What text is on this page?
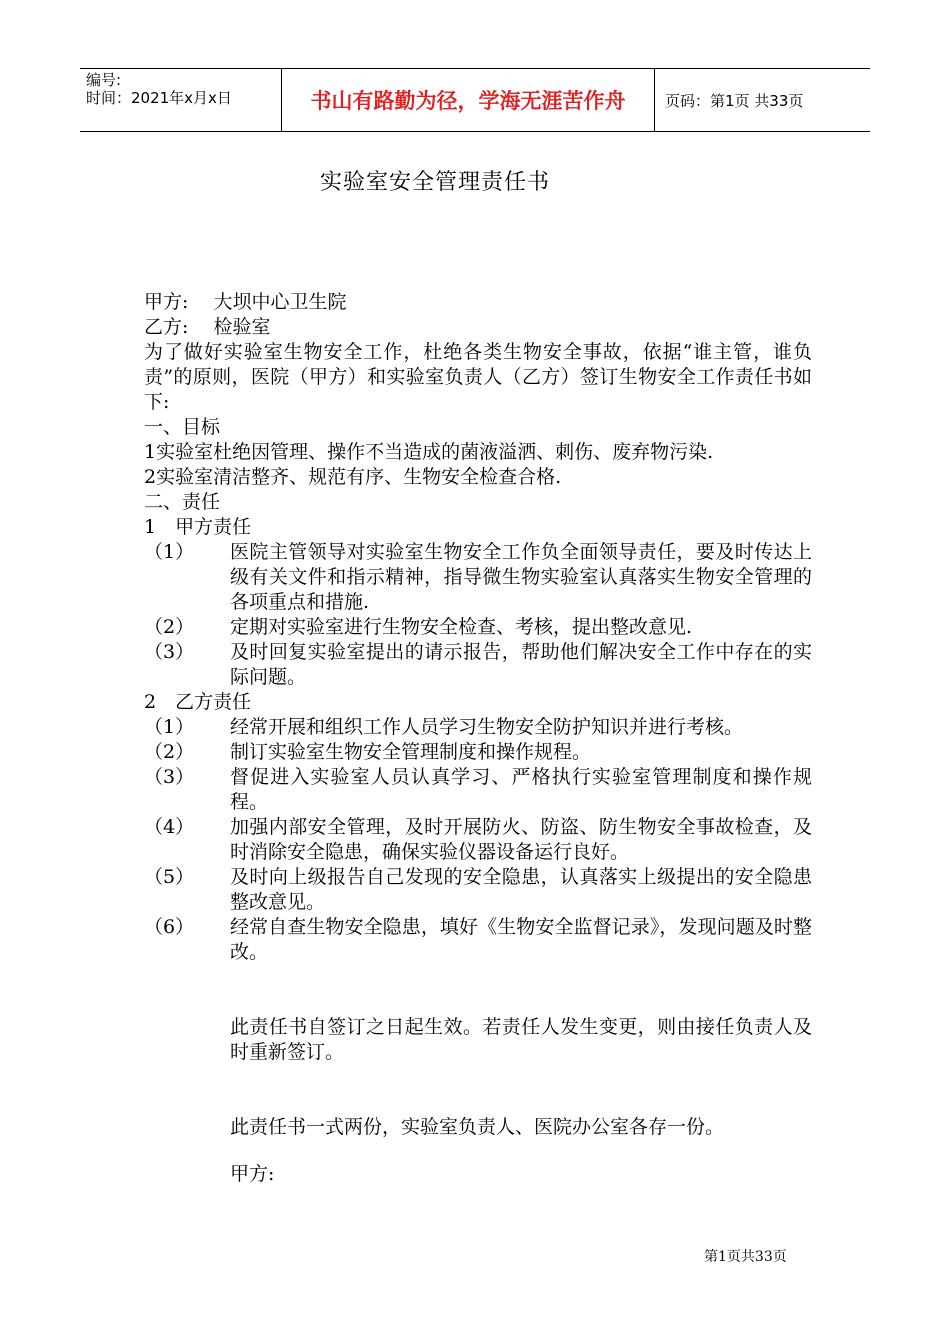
编号:
时间：2021年x月x日	书山有路勤为径，学海无涯苦作舟	页码：第1页 共33页
实验室安全管理责任书
甲方:　 大坝中心卫生院
乙方:　 检验室
为了做好实验室生物安全工作，杜绝各类生物安全事故，依据“谁主管，谁负责”的原则，医院（甲方）和实验室负责人（乙方）签订生物安全工作责任书如下:
一、目标
1实验室杜绝因管理、操作不当造成的菌液溢洒、刺伤、废弃物污染.
2实验室清洁整齐、规范有序、生物安全检查合格.
二、责任
1　甲方责任
（1）	医院主管领导对实验室生物安全工作负全面领导责任，要及时传达上级有关文件和指示精神，指导微生物实验室认真落实生物安全管理的各项重点和措施.
（2）	定期对实验室进行生物安全检查、考核，提出整改意见.
（3）	及时回复实验室提出的请示报告，帮助他们解决安全工作中存在的实际问题。
2　乙方责任
（1）	经常开展和组织工作人员学习生物安全防护知识并进行考核。
（2）	制订实验室生物安全管理制度和操作规程。
（3）	督促进入实验室人员认真学习、严格执行实验室管理制度和操作规程。
（4）	加强内部安全管理，及时开展防火、防盗、防生物安全事故检查，及时消除安全隐患，确保实验仪器设备运行良好。
（5）	及时向上级报告自己发现的安全隐患，认真落实上级提出的安全隐患整改意见。
（6）	经常自查生物安全隐患，填好《生物安全监督记录》，发现问题及时整改。
此责任书自签订之日起生效。若责任人发生变更，则由接任负责人及时重新签订。
此责任书一式两份，实验室负责人、医院办公室各存一份。
甲方:
第1页共33页
